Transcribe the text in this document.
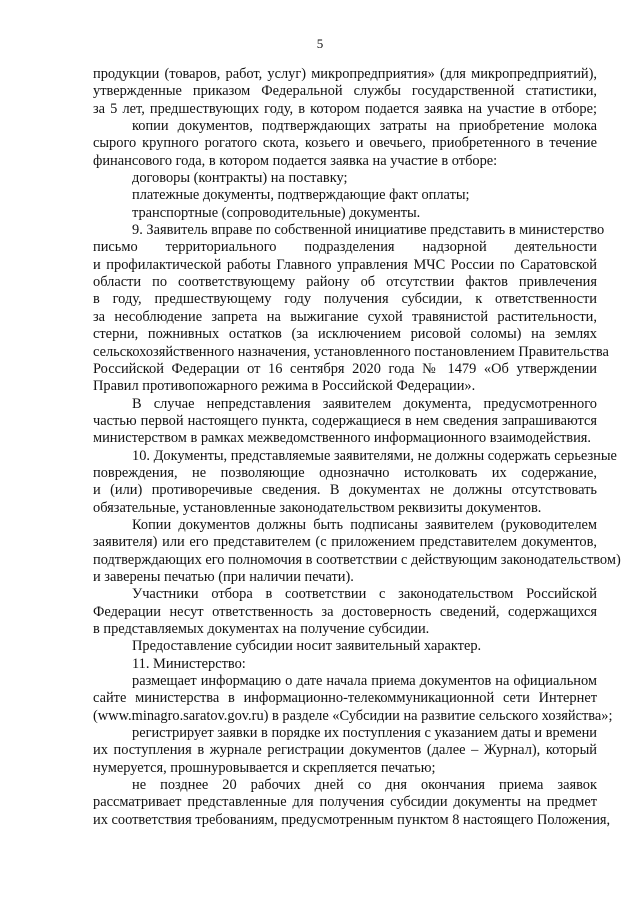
5
продукции (товаров, работ, услуг) микропредприятия» (для микропредприятий),
утвержденные приказом Федеральной службы государственной статистики,
за 5 лет, предшествующих году, в котором подается заявка на участие в отборе;
копии документов, подтверждающих затраты на приобретение молока
сырого крупного рогатого скота, козьего и овечьего, приобретенного в течение
финансового года, в котором подается заявка на участие в отборе:
договоры (контракты) на поставку;
платежные документы, подтверждающие факт оплаты;
транспортные (сопроводительные) документы.
9. Заявитель вправе по собственной инициативе представить в министерство
письмо территориального подразделения надзорной деятельности
и профилактической работы Главного управления МЧС России по Саратовской
области по соответствующему району об отсутствии фактов привлечения
в году, предшествующему году получения субсидии, к ответственности
за несоблюдение запрета на выжигание сухой травянистой растительности,
стерни, пожнивных остатков (за исключением рисовой соломы) на землях
сельскохозяйственного назначения, установленного постановлением Правительства
Российской Федерации от 16 сентября 2020 года № 1479 «Об утверждении
Правил противопожарного режима в Российской Федерации».
В случае непредставления заявителем документа, предусмотренного
частью первой настоящего пункта, содержащиеся в нем сведения запрашиваются
министерством в рамках межведомственного информационного взаимодействия.
10. Документы, представляемые заявителями, не должны содержать серьезные
повреждения, не позволяющие однозначно истолковать их содержание,
и (или) противоречивые сведения. В документах не должны отсутствовать
обязательные, установленные законодательством реквизиты документов.
Копии документов должны быть подписаны заявителем (руководителем
заявителя) или его представителем (с приложением представителем документов,
подтверждающих его полномочия в соответствии с действующим законодательством)
и заверены печатью (при наличии печати).
Участники отбора в соответствии с законодательством Российской
Федерации несут ответственность за достоверность сведений, содержащихся
в представляемых документах на получение субсидии.
Предоставление субсидии носит заявительный характер.
11. Министерство:
размещает информацию о дате начала приема документов на официальном
сайте министерства в информационно-телекоммуникационной сети Интернет
(www.minagro.saratov.gov.ru) в разделе «Субсидии на развитие сельского хозяйства»;
регистрирует заявки в порядке их поступления с указанием даты и времени
их поступления в журнале регистрации документов (далее – Журнал), который
нумеруется, прошнуровывается и скрепляется печатью;
не позднее 20 рабочих дней со дня окончания приема заявок
рассматривает представленные для получения субсидии документы на предмет
их соответствия требованиям, предусмотренным пунктом 8 настоящего Положения,
